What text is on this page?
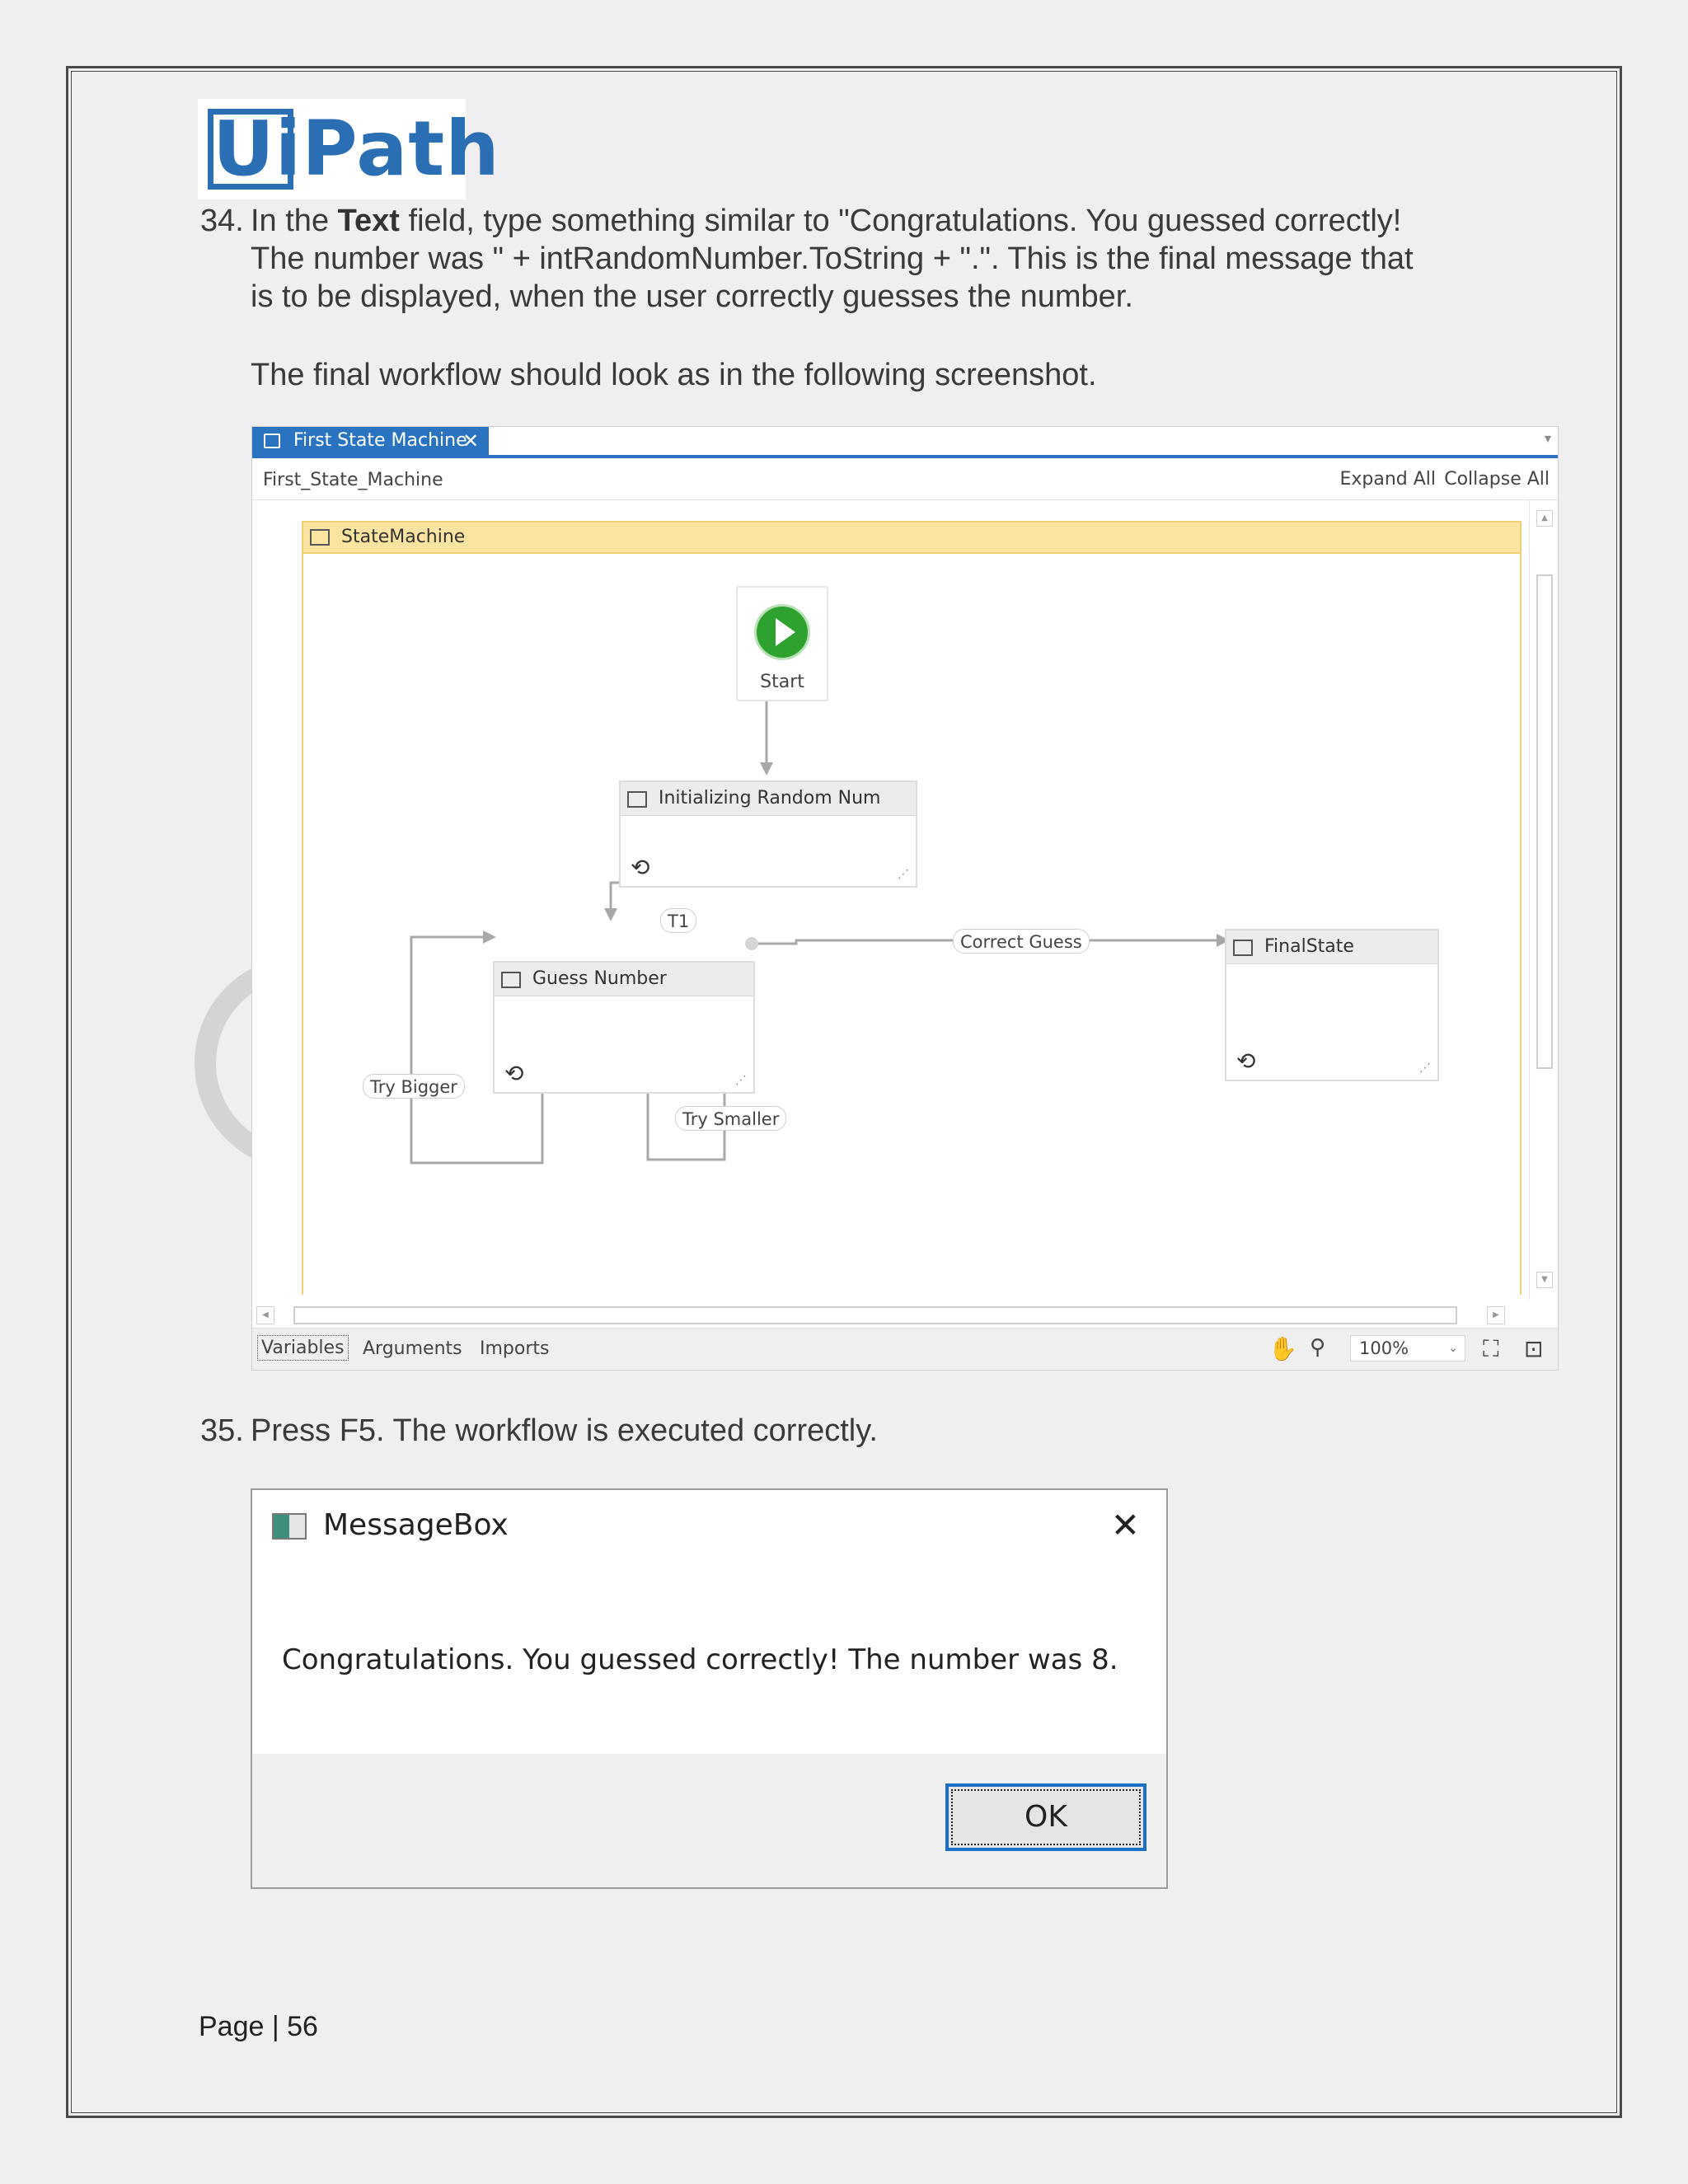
UiPath
34. In the Text field, type something similar to "Congratulations. You guessed correctly!
The number was " + intRandomNumber.ToString + ".". This is the final message that
is to be displayed, when the user correctly guesses the number.
The final workflow should look as in the following screenshot.
First State Machine
✕	▾
First_State_Machine	Expand All Collapse All
StateMachine
Start
Initializing Random Num
⟲	⋰
Guess Number
⟲	⋰
FinalState
⟲	⋰
T1
Correct Guess
Try Bigger
Try Smaller
▲
▼
◀	▶
Variables Arguments Imports	✋ ⚲	100%	⌄ ⛶ ⊡
35. Press F5. The workflow is executed correctly.
MessageBox	✕
Congratulations. You guessed correctly! The number was 8.
OK
Page | 56
